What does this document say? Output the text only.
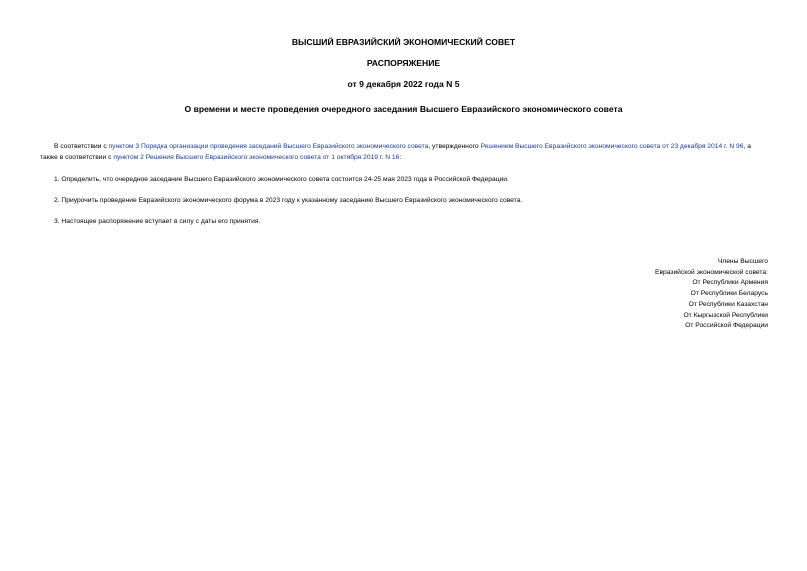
ВЫСШИЙ ЕВРАЗИЙСКИЙ ЭКОНОМИЧЕСКИЙ СОВЕТ
РАСПОРЯЖЕНИЕ
от 9 декабря 2022 года N 5
О времени и месте проведения очередного заседания Высшего Евразийского экономического совета
В соответствии с пунктом 3 Порядка организации проведения заседаний Высшего Евразийского экономического совета, утвержденного Решением Высшего Евразийского экономического совета от 23 декабря 2014 г. N 96, а также в соответствии с пунктом 2 Решения Высшего Евразийского экономического совета от 1 октября 2019 г. N 16:
1. Определить, что очередное заседание Высшего Евразийского экономического совета состоится 24-25 мая 2023 года в Российской Федерации.
2. Приурочить проведение Евразийского экономического форума в 2023 году к указанному заседанию Высшего Евразийского экономического совета.
3. Настоящее распоряжение вступает в силу с даты его принятия.
Члены Высшего
Евразийской экономической совета:
От Республики Армения
От Республики Беларусь
От Республики Казахстан
От Кыргызской Республики
От Российской Федерации
